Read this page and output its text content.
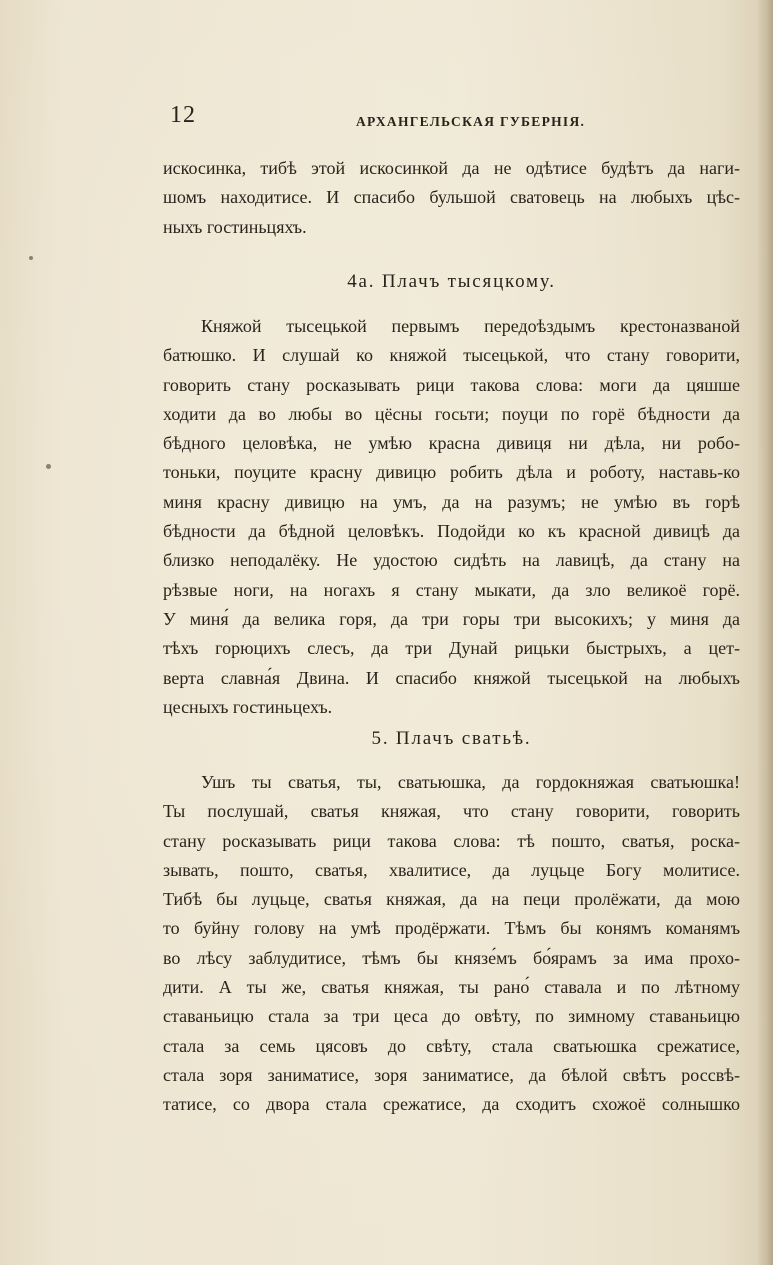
12	АРХАНГЕЛЬСКАЯ ГУБЕРНІЯ.
искосинка, тибѣ этой искосинкой да не одѣтисе будѣтъ да наги-
шомъ находитисе. И спасибо бульшой сватовець на любыхъ цѣс-
ныхъ гостиньцяхъ.
4а. Плачъ тысяцкому.
Княжой тысецькой первымъ передоѣздымъ крестоназваной
батюшко. И слушай ко княжой тысецькой, что стану говорити,
говорить стану росказывать рици такова слова: моги да цяшше
ходити да во любы во цёсны госьти; поуци по горё бѣдности да
бѣдного целовѣка, не умѣю красна дивиця ни дѣла, ни робо-
тоньки, поуците красну дивицю робить дѣла и роботу, наставь-ко
миня красну дивицю на умъ, да на разумъ; не умѣю въ горѣ
бѣдности да бѣдной целовѣкъ. Подойди ко къ красной дивицѣ да
близко неподалёку. Не удостою сидѣть на лавицѣ, да стану на
рѣзвые ноги, на ногахъ я стану мыкати, да зло великоё горё.
У миня́ да велика горя, да три горы три высокихъ; у миня да
тѣхъ горюцихъ слесъ, да три Дунай рицьки быстрыхъ, а цет-
верта славна́я Двина. И спасибо княжой тысецькой на любыхъ
цесныхъ гостиньцехъ.
5. Плачъ сватьѣ.
Ушъ ты сватья, ты, сватьюшка, да гордокняжая сватьюшка!
Ты послушай, сватья княжая, что стану говорити, говорить
стану росказывать рици такова слова: тѣ пошто, сватья, роска-
зывать, пошто, сватья, хвалитисе, да луцьце Богу молитисе.
Тибѣ бы луцьце, сватья княжая, да на пеци пролёжати, да мою
то буйну голову на умѣ продёржати. Тѣмъ бы конямъ команямъ
во лѣсу заблудитисе, тѣмъ бы князе́мъ бо́ярамъ за има прохо-
дити. А ты же, сватья княжая, ты рано́ ставала и по лѣтному
ставаньицю стала за три цеса до овѣту, по зимному ставаньицю
стала за семь цясовъ до свѣту, стала сватьюшка срежатисе,
стала зоря заниматисе, зоря заниматисе, да бѣлой свѣтъ россвѣ-
татисе, со двора стала срежатисе, да сходитъ схожоё солнышко
